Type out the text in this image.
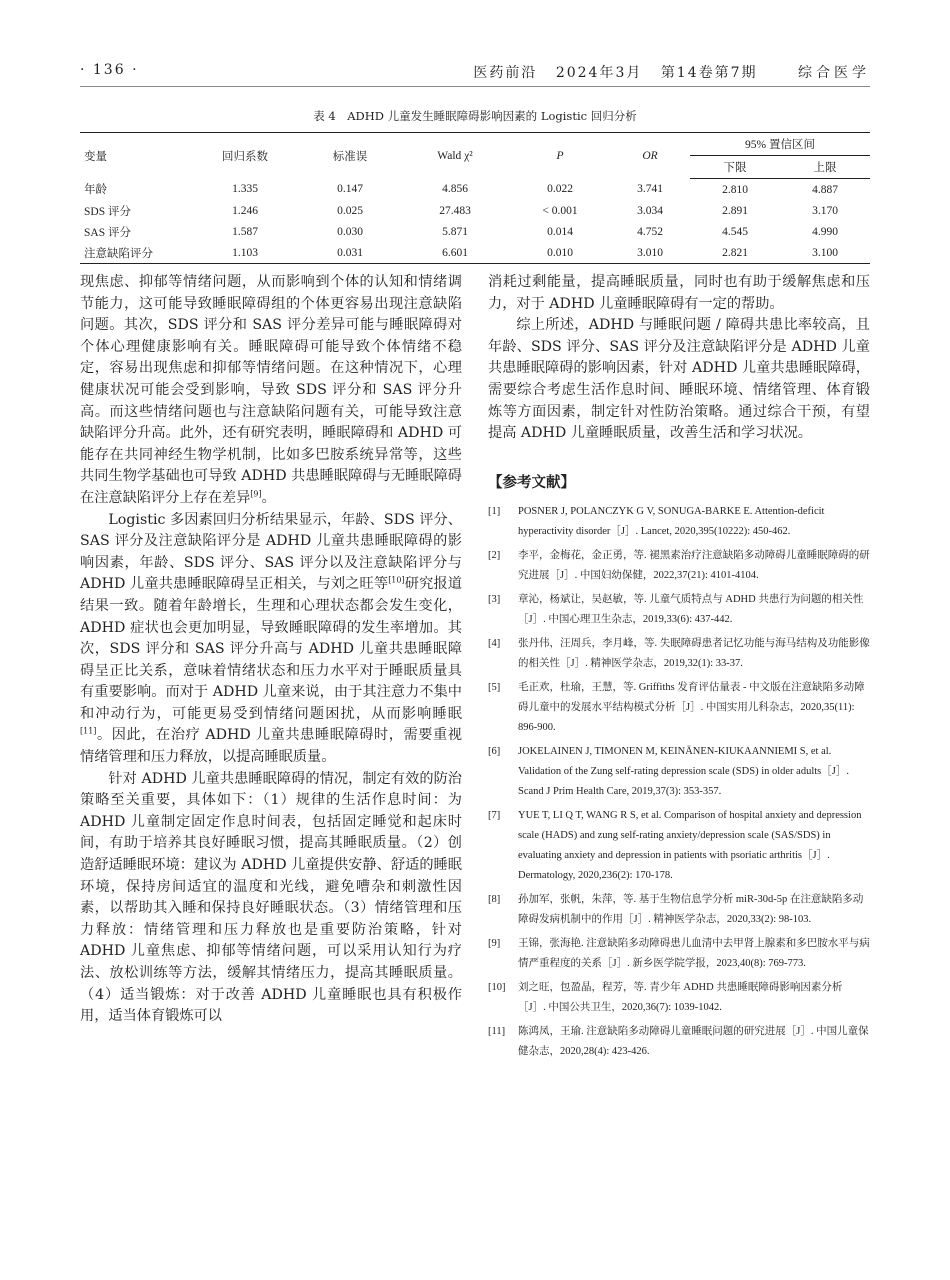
· 136 ·	医药前沿 2024年3月 第14卷第7期	综合医学
表 4　ADHD 儿童发生睡眠障碍影响因素的 Logistic 回归分析
变量	回归系数	标准误	Wald χ²	P	OR	95% 置信区间	
						下限	上限
年龄	1.335	0.147	4.856	0.022	3.741	2.810	4.887
SDS 评分	1.246	0.025	27.483	< 0.001	3.034	2.891	3.170
SAS 评分	1.587	0.030	5.871	0.014	4.752	4.545	4.990
注意缺陷评分	1.103	0.031	6.601	0.010	3.010	2.821	3.100

现焦虑、抑郁等情绪问题，从而影响到个体的认知和情绪调节能力，这可能导致睡眠障碍组的个体更容易出现注意缺陷问题。其次，SDS 评分和 SAS 评分差异可能与睡眠障碍对个体心理健康影响有关。睡眠障碍可能导致个体情绪不稳定，容易出现焦虑和抑郁等情绪问题。在这种情况下，心理健康状况可能会受到影响，导致 SDS 评分和 SAS 评分升高。而这些情绪问题也与注意缺陷问题有关，可能导致注意缺陷评分升高。此外，还有研究表明，睡眠障碍和 ADHD 可能存在共同神经生物学机制，比如多巴胺系统异常等，这些共同生物学基础也可导致 ADHD 共患睡眠障碍与无睡眠障碍在注意缺陷评分上存在差异[9]。

Logistic 多因素回归分析结果显示，年龄、SDS 评分、SAS 评分及注意缺陷评分是 ADHD 儿童共患睡眠障碍的影响因素，年龄、SDS 评分、SAS 评分以及注意缺陷评分与 ADHD 儿童共患睡眠障碍呈正相关，与刘之旺等[10]研究报道结果一致。随着年龄增长，生理和心理状态都会发生变化，ADHD 症状也会更加明显，导致睡眠障碍的发生率增加。其次，SDS 评分和 SAS 评分升高与 ADHD 儿童共患睡眠障碍呈正比关系，意味着情绪状态和压力水平对于睡眠质量具有重要影响。而对于 ADHD 儿童来说，由于其注意力不集中和冲动行为，可能更易受到情绪问题困扰，从而影响睡眠[11]。因此，在治疗 ADHD 儿童共患睡眠障碍时，需要重视情绪管理和压力释放，以提高睡眠质量。

针对 ADHD 儿童共患睡眠障碍的情况，制定有效的防治策略至关重要，具体如下：（1）规律的生活作息时间：为 ADHD 儿童制定固定作息时间表，包括固定睡觉和起床时间，有助于培养其良好睡眠习惯，提高其睡眠质量。（2）创造舒适睡眠环境：建议为 ADHD 儿童提供安静、舒适的睡眠环境，保持房间适宜的温度和光线，避免嘈杂和刺激性因素，以帮助其入睡和保持良好睡眠状态。（3）情绪管理和压力释放：情绪管理和压力释放也是重要防治策略，针对 ADHD 儿童焦虑、抑郁等情绪问题，可以采用认知行为疗法、放松训练等方法，缓解其情绪压力，提高其睡眠质量。（4）适当锻炼：对于改善 ADHD 儿童睡眠也具有积极作用，适当体育锻炼可以

消耗过剩能量，提高睡眠质量，同时也有助于缓解焦虑和压力，对于 ADHD 儿童睡眠障碍有一定的帮助。

综上所述，ADHD 与睡眠问题 / 障碍共患比率较高，且年龄、SDS 评分、SAS 评分及注意缺陷评分是 ADHD 儿童共患睡眠障碍的影响因素，针对 ADHD 儿童共患睡眠障碍，需要综合考虑生活作息时间、睡眠环境、情绪管理、体育锻炼等方面因素，制定针对性防治策略。通过综合干预，有望提高 ADHD 儿童睡眠质量，改善生活和学习状况。

【参考文献】
[1] POSNER J, POLANCZYK G V, SONUGA-BARKE E. Attention-deficit hyperactivity disorder［J］. Lancet, 2020,395(10222): 450-462.
[2] 李平，金梅花，金正勇，等. 褪黑素治疗注意缺陷多动障碍儿童睡眠障碍的研究进展［J］. 中国妇幼保健，2022,37(21): 4101-4104.
[3] 章沁，杨斌让，吴赵敏，等. 儿童气质特点与 ADHD 共患行为问题的相关性［J］. 中国心理卫生杂志，2019,33(6): 437-442.
[4] 张丹伟，汪周兵，李月峰，等. 失眠障碍患者记忆功能与海马结构及功能影像的相关性［J］. 精神医学杂志，2019,32(1): 33-37.
[5] 毛正欢，杜瑜，王慧，等. Griffiths 发育评估量表 - 中文版在注意缺陷多动障碍儿童中的发展水平结构模式分析［J］. 中国实用儿科杂志，2020,35(11): 896-900.
[6] JOKELAINEN J, TIMONEN M, KEINÄNEN-KIUKAANNIEMI S, et al. Validation of the Zung self-rating depression scale (SDS) in older adults［J］. Scand J Prim Health Care, 2019,37(3): 353-357.
[7] YUE T, LI Q T, WANG R S, et al. Comparison of hospital anxiety and depression scale (HADS) and zung self-rating anxiety/depression scale (SAS/SDS) in evaluating anxiety and depression in patients with psoriatic arthritis［J］. Dermatology, 2020,236(2): 170-178.
[8] 孙加军，张帆，朱萍，等. 基于生物信息学分析 miR-30d-5p 在注意缺陷多动障碍发病机制中的作用［J］. 精神医学杂志，2020,33(2): 98-103.
[9] 王锦，张海艳. 注意缺陷多动障碍患儿血清中去甲肾上腺素和多巴胺水平与病情严重程度的关系［J］. 新乡医学院学报，2023,40(8): 769-773.
[10] 刘之旺，包盈晶，程芳，等. 青少年 ADHD 共患睡眠障碍影响因素分析［J］. 中国公共卫生，2020,36(7): 1039-1042.
[11] 陈鸿凤，王瑜. 注意缺陷多动障碍儿童睡眠问题的研究进展［J］. 中国儿童保健杂志，2020,28(4): 423-426.
